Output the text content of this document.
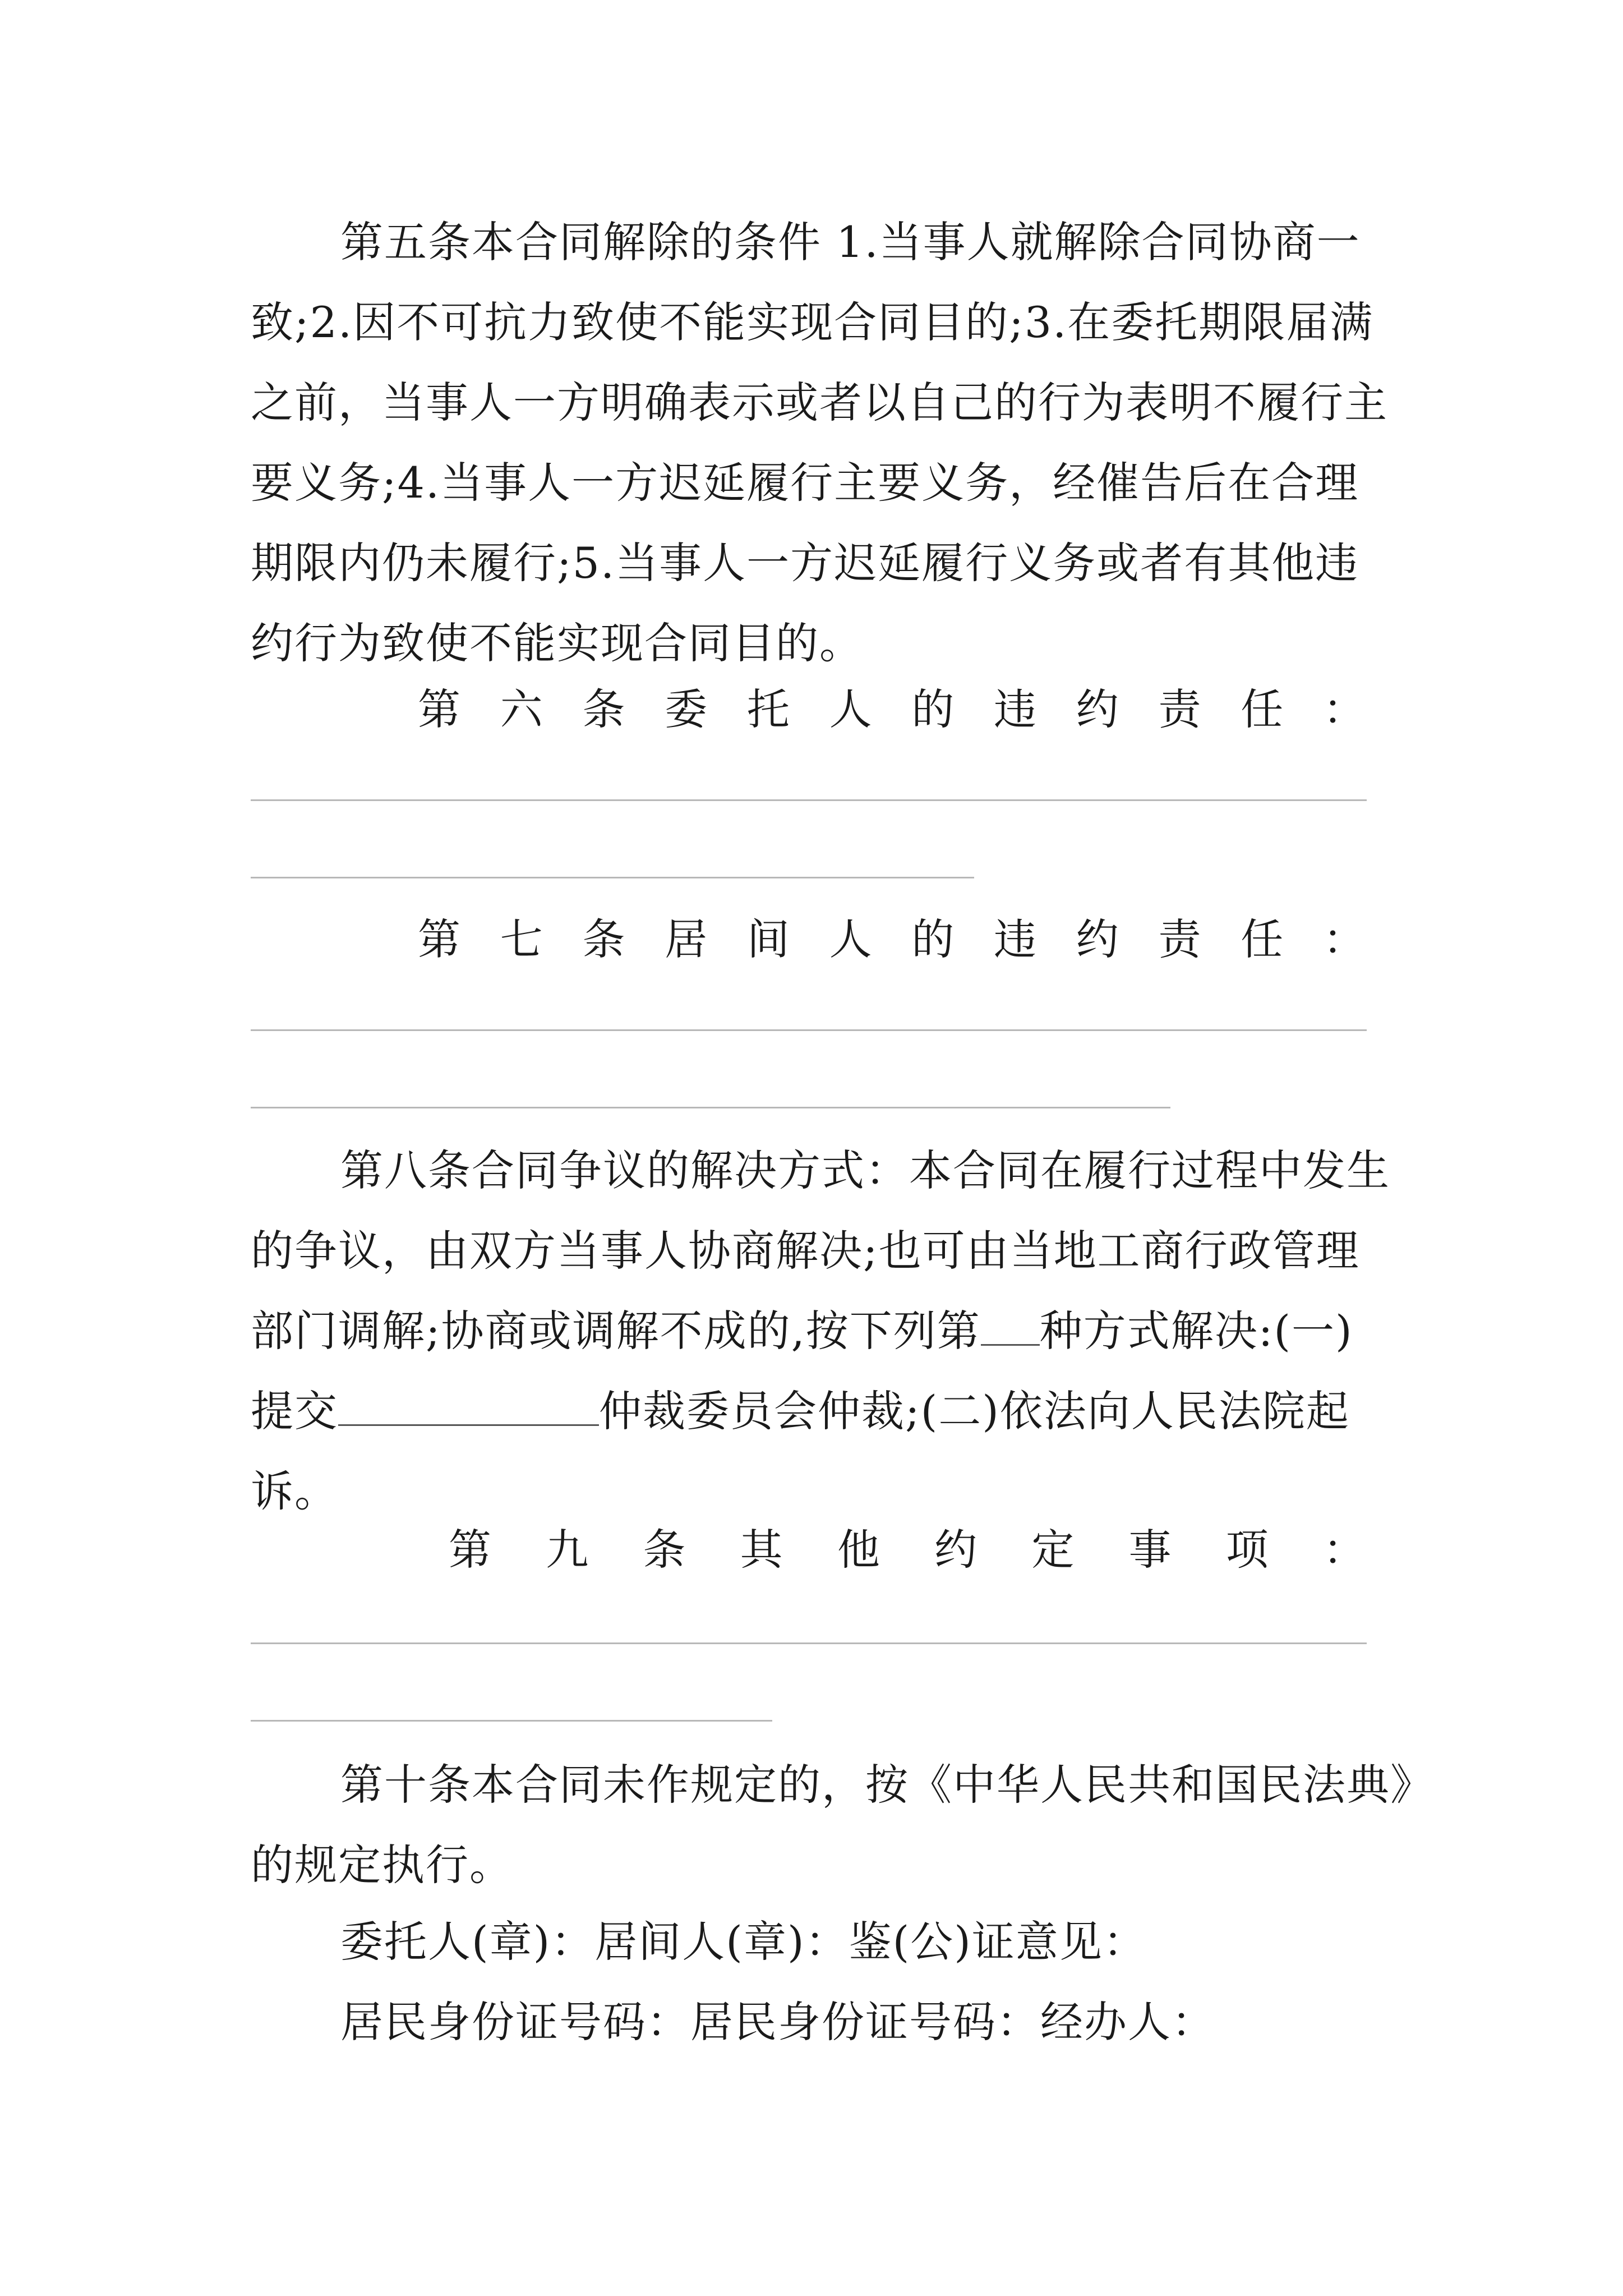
第五条本合同解除的条件 1.当事人就解除合同协商一
致;2.因不可抗力致使不能实现合同目的;3.在委托期限届满
之前，当事人一方明确表示或者以自己的行为表明不履行主
要义务;4.当事人一方迟延履行主要义务，经催告后在合理
期限内仍未履行;5.当事人一方迟延履行义务或者有其他违
约行为致使不能实现合同目的。
第 六 条 委 托 人 的 违 约 责 任 ：
第 七 条 居 间 人 的 违 约 责 任 ：
第八条合同争议的解决方式：本合同在履行过程中发生
的争议，由双方当事人协商解决;也可由当地工商行政管理
部门调解;协商或调解不成的,按下列第 种方式解决:(一)
提交	仲裁委员会仲裁;(二)依法向人民法院起
诉。
第 九 条 其 他 约 定 事 项 ：
第十条本合同未作规定的，按《中华人民共和国民法典》
的规定执行。
委托人(章)：居间人(章)：鉴(公)证意见：
居民身份证号码：居民身份证号码：经办人：
